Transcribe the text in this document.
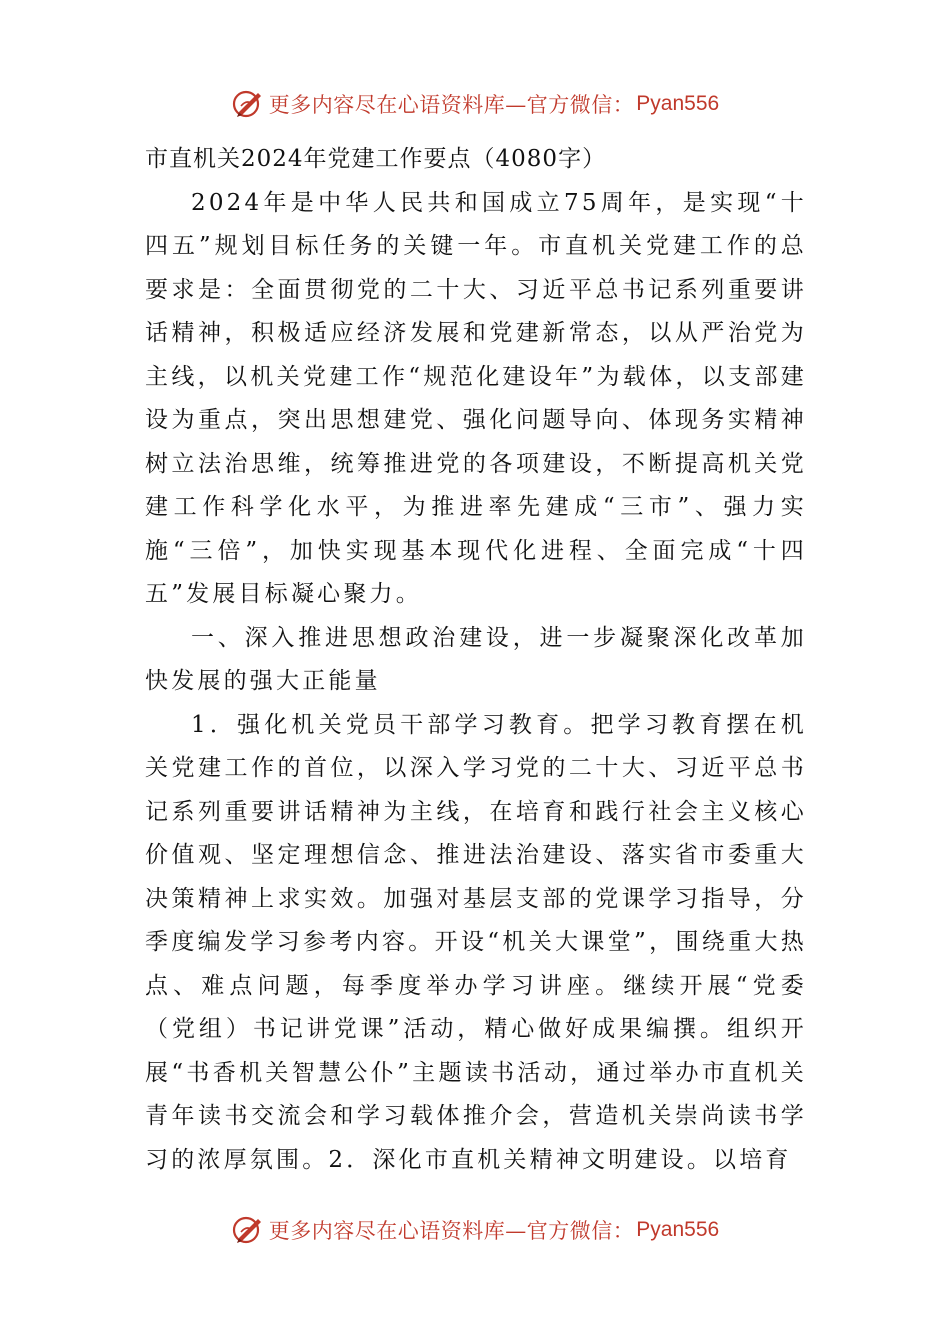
更多内容尽在心语资料库—官方微信： Pyan556
市直机关2024年党建工作要点（4080字）

2024年是中华人民共和国成立75周年，是实现“十四五”规划目标任务的关键一年。市直机关党建工作的总要求是：全面贯彻党的二十大、习近平总书记系列重要讲话精神，积极适应经济发展和党建新常态，以从严治党为主线，以机关党建工作“规范化建设年”为载体，以支部建设为重点，突出思想建党、强化问题导向、体现务实精神树立法治思维，统筹推进党的各项建设，不断提高机关党建工作科学化水平，为推进率先建成“三市”、强力实施“三倍”，加快实现基本现代化进程、全面完成“十四五”发展目标凝心聚力。

一、深入推进思想政治建设，进一步凝聚深化改革加快发展的强大正能量

1．强化机关党员干部学习教育。把学习教育摆在机关党建工作的首位，以深入学习党的二十大、习近平总书记系列重要讲话精神为主线，在培育和践行社会主义核心价值观、坚定理想信念、推进法治建设、落实省市委重大决策精神上求实效。加强对基层支部的党课学习指导，分季度编发学习参考内容。开设“机关大课堂”，围绕重大热点、难点问题，每季度举办学习讲座。继续开展“党委（党组）书记讲党课”活动，精心做好成果编撰。组织开展“书香机关智慧公仆”主题读书活动，通过举办市直机关青年读书交流会和学习载体推介会，营造机关崇尚读书学习的浓厚氛围。2．深化市直机关精神文明建设。以培育

更多内容尽在心语资料库—官方微信： Pyan556
